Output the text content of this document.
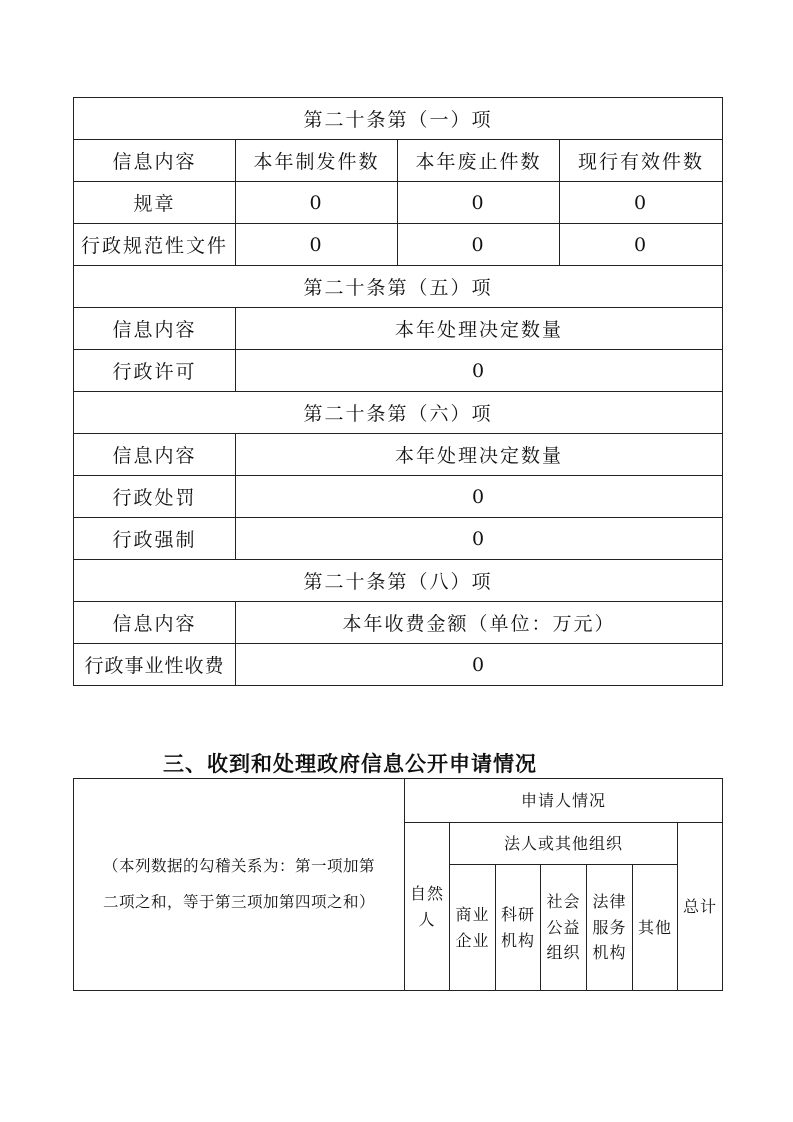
第二十条第（一）项			
信息内容	本年制发件数	本年废止件数	现行有效件数
规章	0	0	0
行政规范性文件	0	0	0
第二十条第（五）项			
信息内容	本年处理决定数量		
行政许可	0		
第二十条第（六）项			
信息内容	本年处理决定数量		
行政处罚	0		
行政强制	0		
第二十条第（八）项			
信息内容	本年收费金额（单位：万元）		
行政事业性收费	0		
三、收到和处理政府信息公开申请情况
（本列数据的勾稽关系为：第一项加第
二项之和，等于第三项加第四项之和）	申请人情况						

	自然人	法人或其他组织					总计

		商业企业	科研机构	社会公益组织	法律服务机构	其他	
